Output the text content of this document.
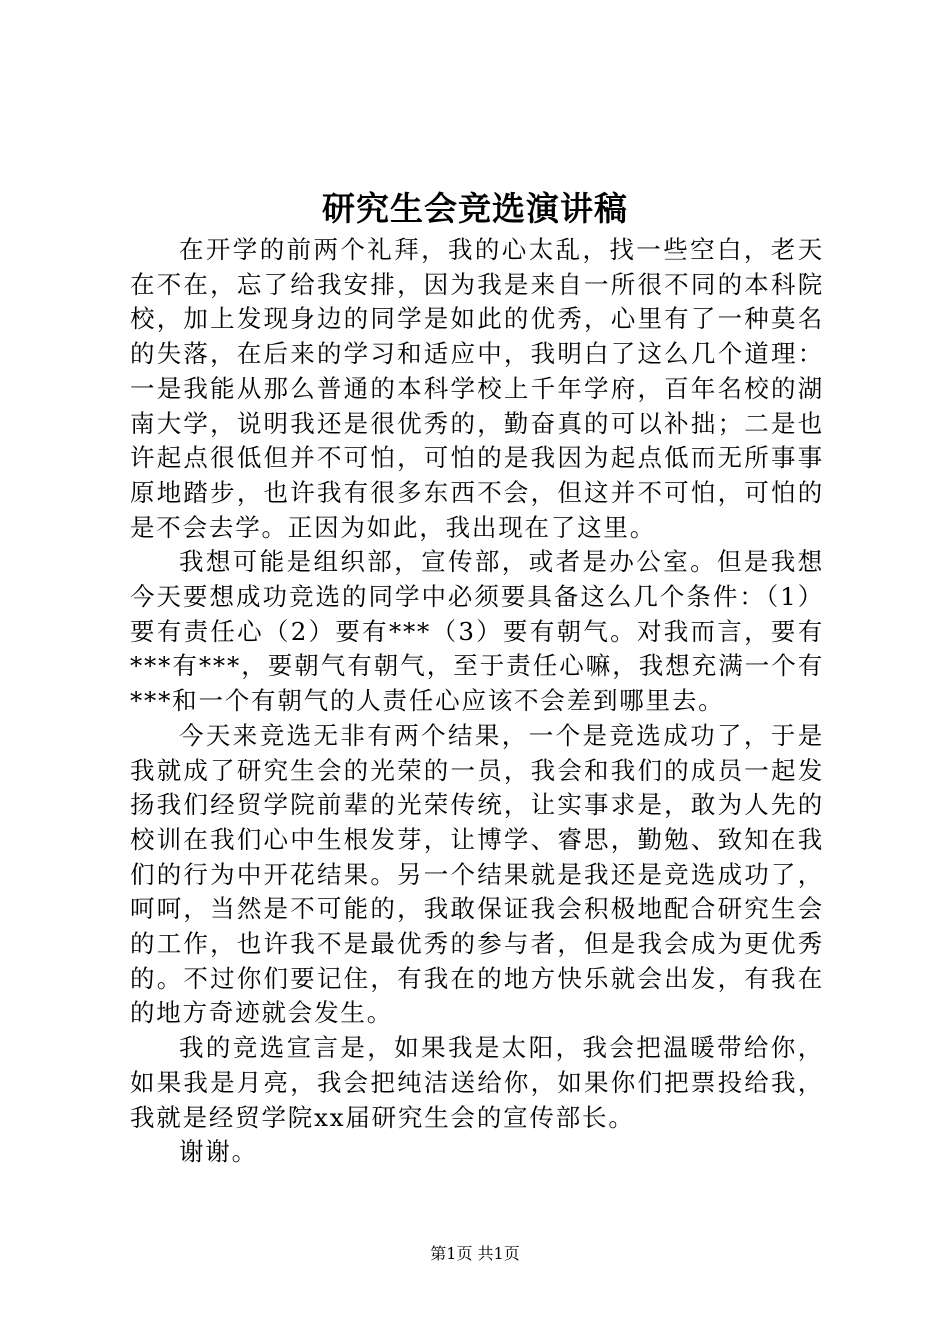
研究生会竞选演讲稿

在开学的前两个礼拜，我的心太乱，找一些空白，老天在不在，忘了给我安排，因为我是来自一所很不同的本科院校，加上发现身边的同学是如此的优秀，心里有了一种莫名的失落，在后来的学习和适应中，我明白了这么几个道理：一是我能从那么普通的本科学校上千年学府，百年名校的湖南大学，说明我还是很优秀的，勤奋真的可以补拙；二是也许起点很低但并不可怕，可怕的是我因为起点低而无所事事原地踏步，也许我有很多东西不会，但这并不可怕，可怕的是不会去学。正因为如此，我出现在了这里。

我想可能是组织部，宣传部，或者是办公室。但是我想今天要想成功竞选的同学中必须要具备这么几个条件：（1）要有责任心（2）要有***（3）要有朝气。对我而言，要有***有***，要朝气有朝气，至于责任心嘛，我想充满一个有***和一个有朝气的人责任心应该不会差到哪里去。

今天来竞选无非有两个结果，一个是竞选成功了，于是我就成了研究生会的光荣的一员，我会和我们的成员一起发扬我们经贸学院前辈的光荣传统，让实事求是，敢为人先的校训在我们心中生根发芽，让博学、睿思，勤勉、致知在我们的行为中开花结果。另一个结果就是我还是竞选成功了，呵呵，当然是不可能的，我敢保证我会积极地配合研究生会的工作，也许我不是最优秀的参与者，但是我会成为更优秀的。不过你们要记住，有我在的地方快乐就会出发，有我在的地方奇迹就会发生。

我的竞选宣言是，如果我是太阳，我会把温暖带给你，如果我是月亮，我会把纯洁送给你，如果你们把票投给我，我就是经贸学院xx届研究生会的宣传部长。

谢谢。

第1页 共1页
